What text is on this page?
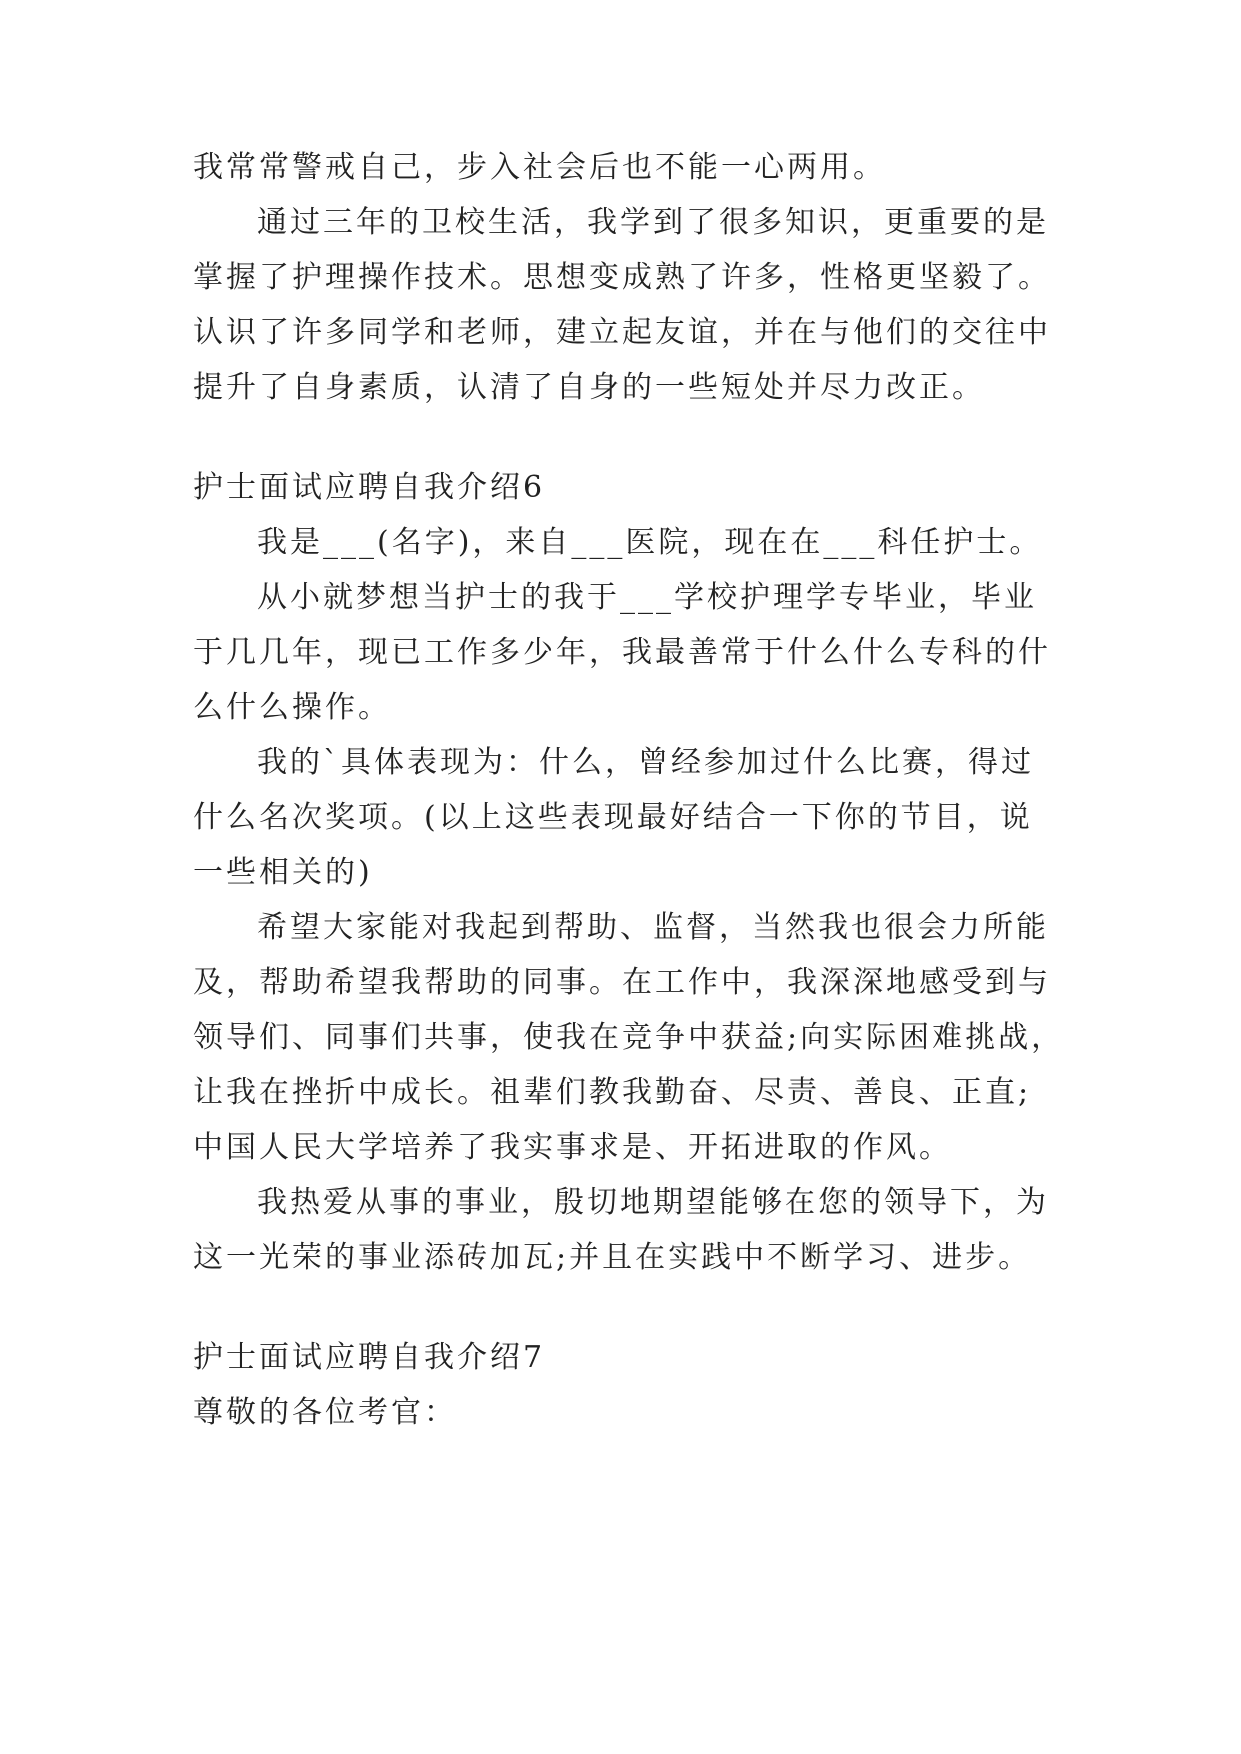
我常常警戒自己，步入社会后也不能一心两用。
通过三年的卫校生活，我学到了很多知识，更重要的是
掌握了护理操作技术。思想变成熟了许多，性格更坚毅了。
认识了许多同学和老师，建立起友谊，并在与他们的交往中
提升了自身素质，认清了自身的一些短处并尽力改正。
护士面试应聘自我介绍6
我是___(名字)，来自___医院，现在在___科任护士。
从小就梦想当护士的我于___学校护理学专毕业，毕业
于几几年，现已工作多少年，我最善常于什么什么专科的什
么什么操作。
我的`具体表现为：什么，曾经参加过什么比赛，得过
什么名次奖项。(以上这些表现最好结合一下你的节目，说
一些相关的)
希望大家能对我起到帮助、监督，当然我也很会力所能
及，帮助希望我帮助的同事。在工作中，我深深地感受到与
领导们、同事们共事，使我在竞争中获益;向实际困难挑战，
让我在挫折中成长。祖辈们教我勤奋、尽责、善良、正直;
中国人民大学培养了我实事求是、开拓进取的作风。
我热爱从事的事业，殷切地期望能够在您的领导下，为
这一光荣的事业添砖加瓦;并且在实践中不断学习、进步。
护士面试应聘自我介绍7
尊敬的各位考官：
